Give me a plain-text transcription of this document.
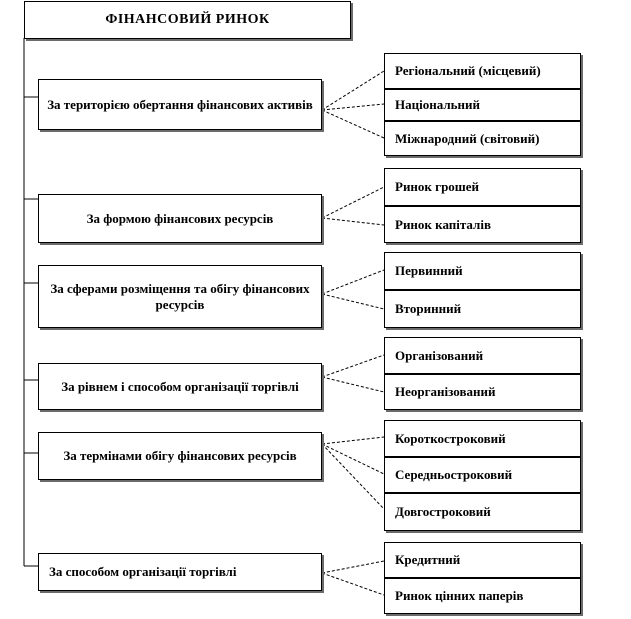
ФІНАНСОВИЙ РИНОК
За територією обертання фінансових активів
За формою фінансових ресурсів
За сферами розміщення та обігу фінансових ресурсів
За рівнем і способом організації торгівлі
За термінами обігу фінансових ресурсів
За способом організації торгівлі
Регіональний (місцевий)
Національний
Міжнародний (світовий)
Ринок грошей
Ринок капіталів
Первинний
Вторинний
Організований
Неорганізований
Короткостроковий
Середньостроковий
Довгостроковий
Кредитний
Ринок цінних паперів
